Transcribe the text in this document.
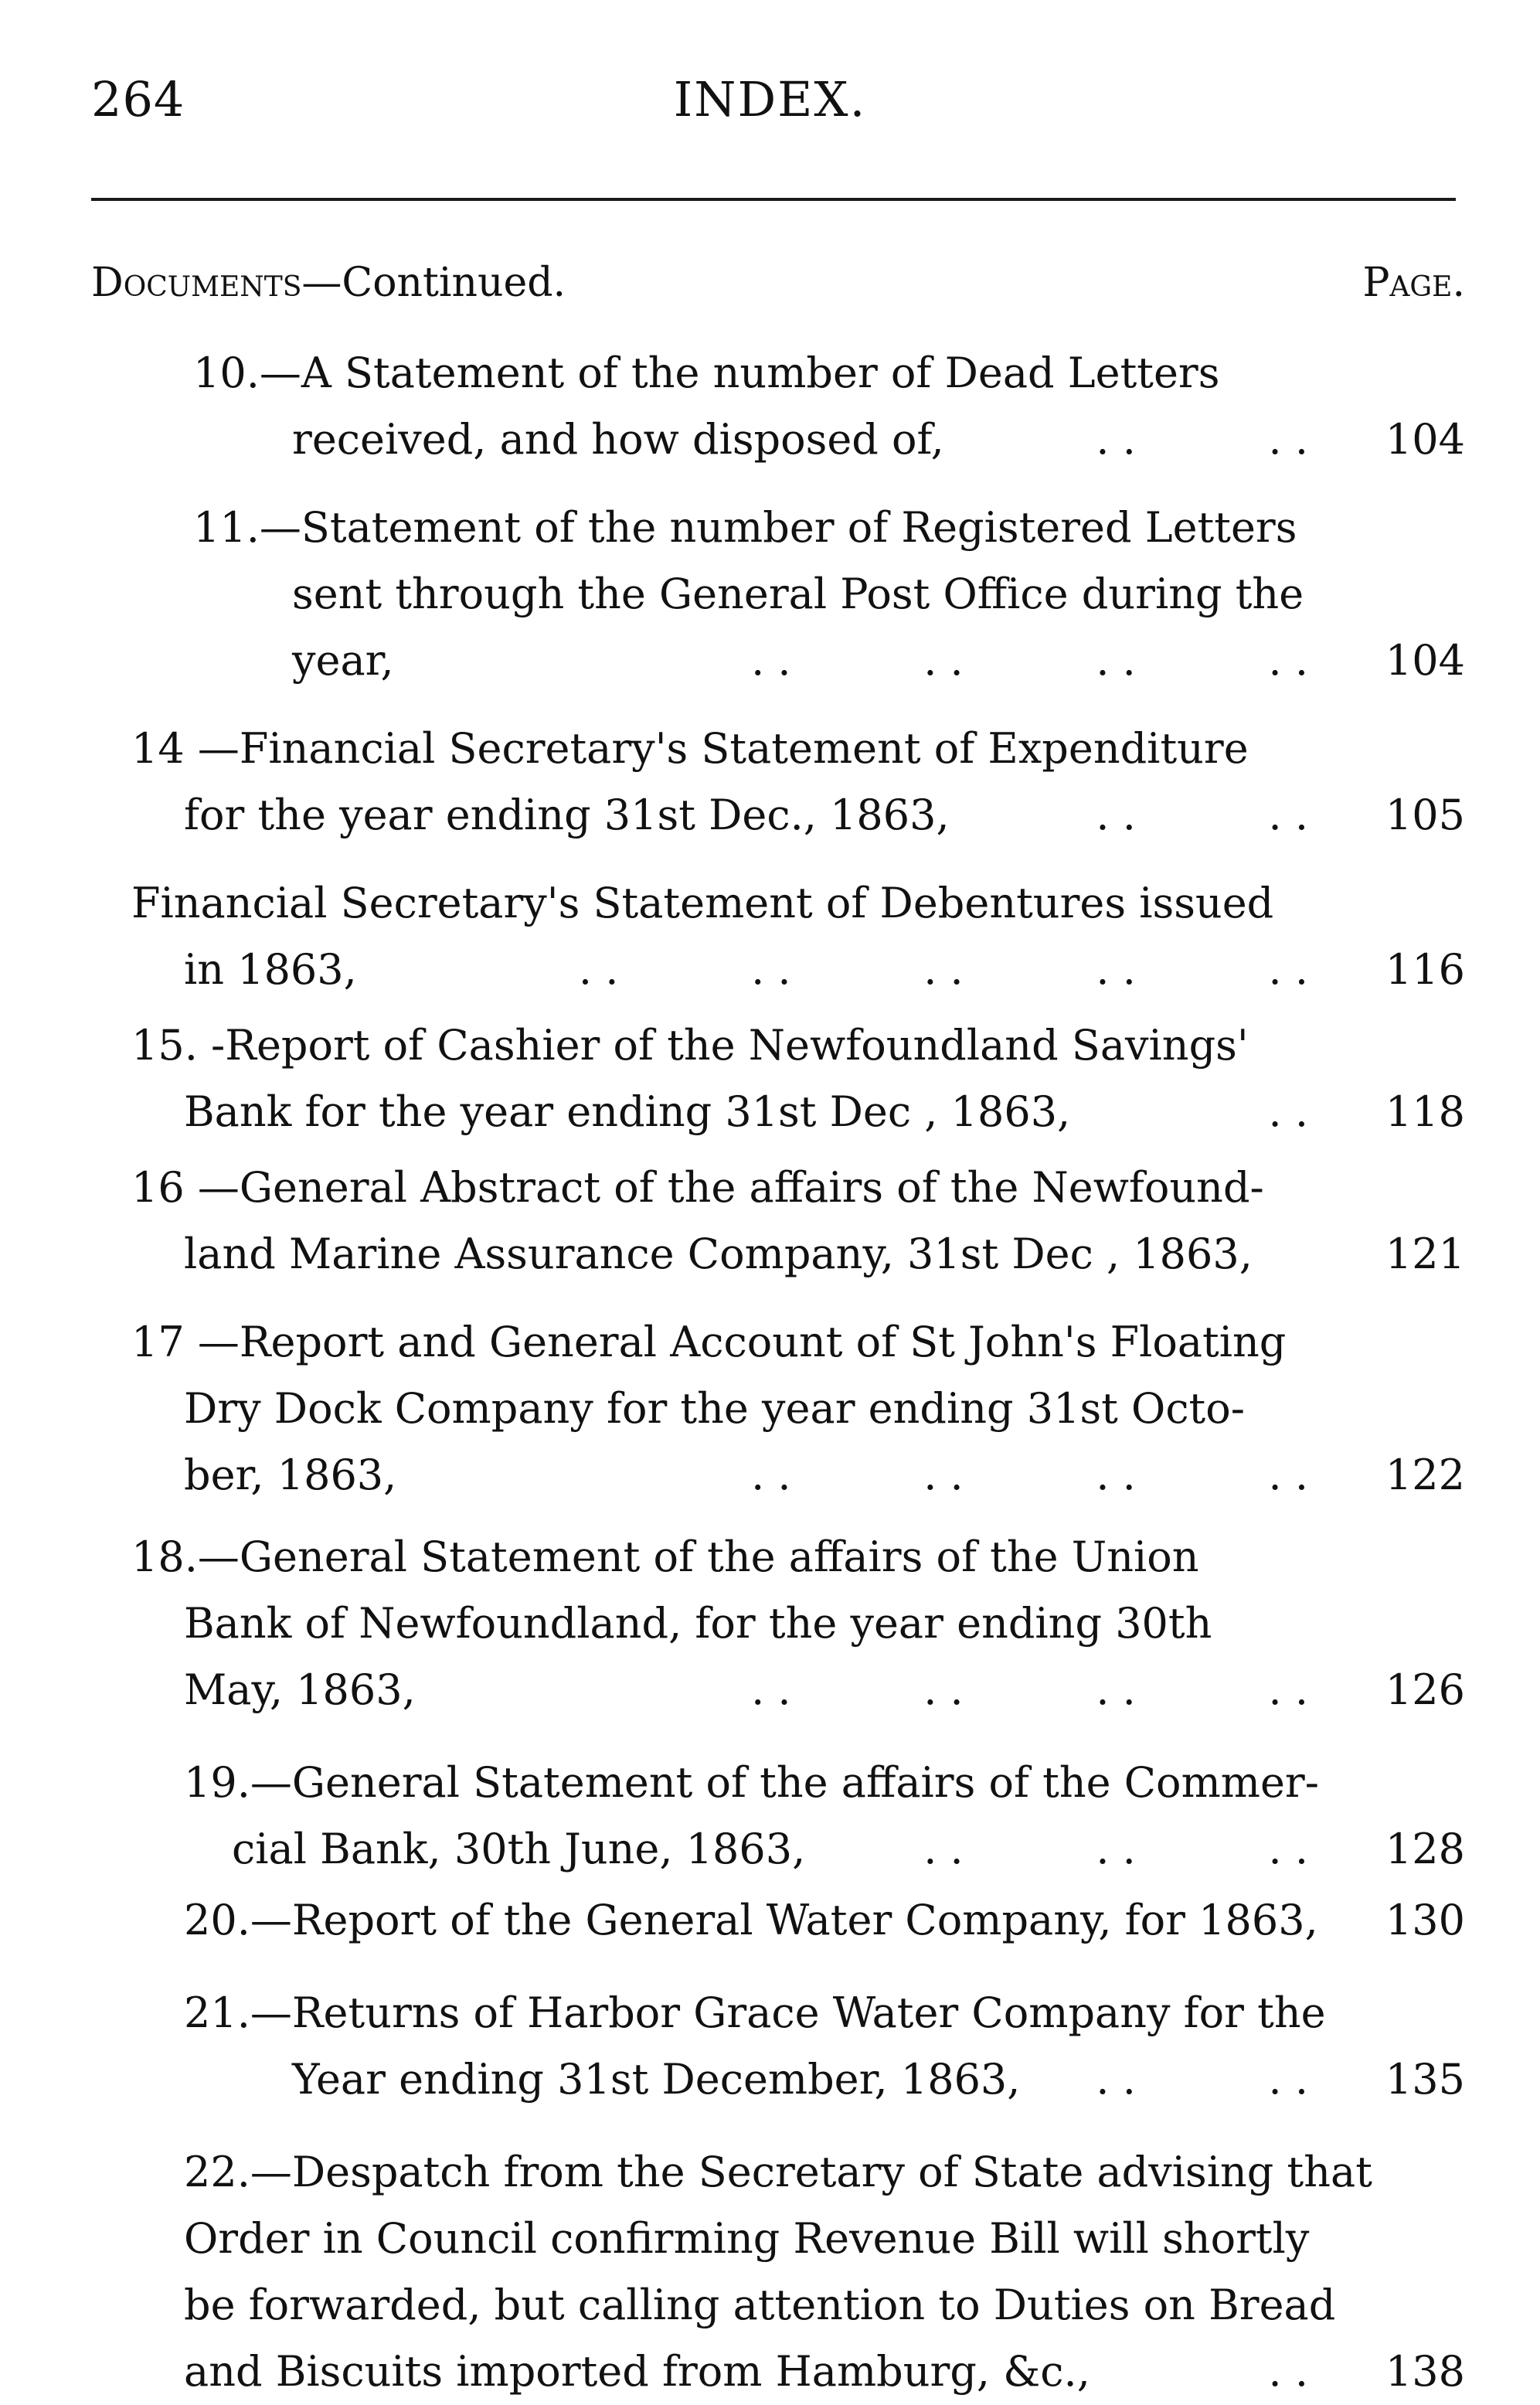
264	INDEX.
Documents—Continued.	Page.
10.—A Statement of the number of Dead Letters
received, and how disposed of,	. .          . .	104
11.—Statement of the number of Registered Letters
sent through the General Post Office during the
year,	. .          . .          . .          . .	104
14 —Financial Secretary's Statement of Expenditure
for the year ending 31st Dec., 1863,	. .          . .	105
Financial Secretary's Statement of Debentures issued
in 1863,	. .          . .          . .          . .          . .	116
15. -Report of Cashier of the Newfoundland Savings'
Bank for the year ending 31st Dec , 1863,	. .	118
16 —General Abstract of the affairs of the Newfound-
land Marine Assurance Company, 31st Dec , 1863,	121
17 —Report and General Account of St John's Floating
Dry Dock Company for the year ending 31st Octo-
ber, 1863,	. .          . .          . .          . .	122
18.—General Statement of the affairs of the Union
Bank of Newfoundland, for the year ending 30th
May, 1863,	. .          . .          . .          . .	126
19.—General Statement of the affairs of the Commer-
cial Bank, 30th June, 1863,	. .          . .          . .	128
20.—Report of the General Water Company, for 1863,	130
21.—Returns of Harbor Grace Water Company for the
Year ending 31st December, 1863, . .          . .	135
22.—Despatch from the Secretary of State advising that
Order in Council confirming Revenue Bill will shortly
be forwarded, but calling attention to Duties on Bread
and Biscuits imported from Hamburg, &c.,	. .	138
